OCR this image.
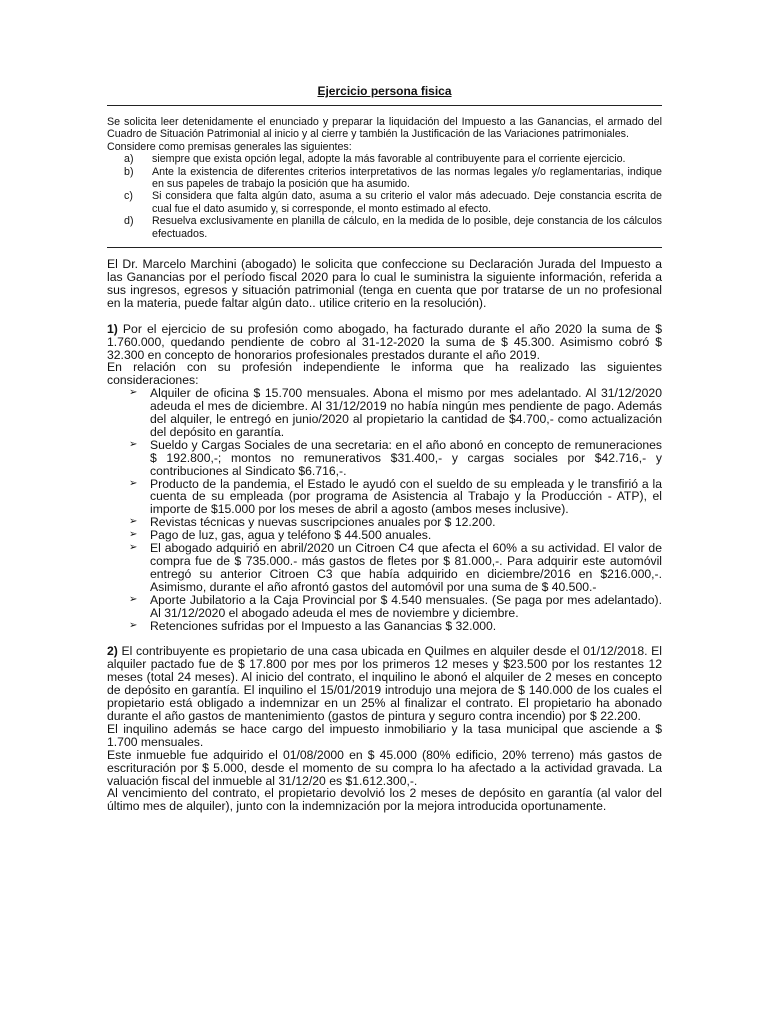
Ejercicio persona fisica

Se solicita leer detenidamente el enunciado y preparar la liquidación del Impuesto a las Ganancias, el armado del Cuadro de Situación Patrimonial al inicio y al cierre y también la Justificación de las Variaciones patrimoniales.

Considere como premisas generales las siguientes:

a)	siempre que exista opción legal, adopte la más favorable al contribuyente para el corriente ejercicio.
b)	Ante la existencia de diferentes criterios interpretativos de las normas legales y/o reglamentarias, indique en sus papeles de trabajo la posición que ha asumido.
c)	Si considera que falta algún dato, asuma a su criterio el valor más adecuado. Deje constancia escrita de cual fue el dato asumido y, si corresponde, el monto estimado al efecto.
d)	Resuelva exclusivamente en planilla de cálculo, en la medida de lo posible, deje constancia de los cálculos efectuados.

El Dr. Marcelo Marchini (abogado) le solicita que confeccione su Declaración Jurada del Impuesto a las Ganancias por el período fiscal 2020 para lo cual le suministra la siguiente información, referida a sus ingresos, egresos y situación patrimonial (tenga en cuenta que por tratarse de un no profesional en la materia, puede faltar algún dato.. utilice criterio en la resolución).

1) Por el ejercicio de su profesión como abogado, ha facturado durante el año 2020 la suma de $ 1.760.000, quedando pendiente de cobro al 31-12-2020 la suma de $ 45.300. Asimismo cobró $ 32.300 en concepto de honorarios profesionales prestados durante el año 2019.

En relación con su profesión independiente le informa que ha realizado las siguientes consideraciones:

➢	Alquiler de oficina $ 15.700 mensuales. Abona el mismo por mes adelantado. Al 31/12/2020 adeuda el mes de diciembre. Al 31/12/2019 no había ningún mes pendiente de pago. Además del alquiler, le entregó en junio/2020 al propietario la cantidad de $4.700,- como actualización del depósito en garantía.
➢	Sueldo y Cargas Sociales de una secretaria: en el año abonó en concepto de remuneraciones $ 192.800,-; montos no remunerativos $31.400,- y cargas sociales por $42.716,- y contribuciones al Sindicato $6.716,-.
➢	Producto de la pandemia, el Estado le ayudó con el sueldo de su empleada y le transfirió a la cuenta de su empleada (por programa de Asistencia al Trabajo y la Producción - ATP), el importe de $15.000 por los meses de abril a agosto (ambos meses inclusive).
➢	Revistas técnicas y nuevas suscripciones anuales por $ 12.200.
➢	Pago de luz, gas, agua y teléfono $ 44.500 anuales.
➢	El abogado adquirió en abril/2020 un Citroen C4 que afecta el 60% a su actividad. El valor de compra fue de $ 735.000.- más gastos de fletes por $ 81.000,-. Para adquirir este automóvil entregó su anterior Citroen C3 que había adquirido en diciembre/2016 en $216.000,-. Asimismo, durante el año afrontó gastos del automóvil por una suma de $ 40.500.-
➢	Aporte Jubilatorio a la Caja Provincial por $ 4.540 mensuales. (Se paga por mes adelantado). Al 31/12/2020 el abogado adeuda el mes de noviembre y diciembre.
➢	Retenciones sufridas por el Impuesto a las Ganancias $ 32.000.

2) El contribuyente es propietario de una casa ubicada en Quilmes en alquiler desde el 01/12/2018. El alquiler pactado fue de $ 17.800 por mes por los primeros 12 meses y $23.500 por los restantes 12 meses (total 24 meses). Al inicio del contrato, el inquilino le abonó el alquiler de 2 meses en concepto de depósito en garantía. El inquilino el 15/01/2019 introdujo una mejora de $ 140.000 de los cuales el propietario está obligado a indemnizar en un 25% al finalizar el contrato. El propietario ha abonado durante el año gastos de mantenimiento (gastos de pintura y seguro contra incendio) por $ 22.200.

El inquilino además se hace cargo del impuesto inmobiliario y la tasa municipal que asciende a $ 1.700 mensuales.

Este inmueble fue adquirido el 01/08/2000 en $ 45.000 (80% edificio, 20% terreno) más gastos de escrituración por $ 5.000, desde el momento de su compra lo ha afectado a la actividad gravada. La valuación fiscal del inmueble al 31/12/20 es $1.612.300,-.

Al vencimiento del contrato, el propietario devolvió los 2 meses de depósito en garantía (al valor del último mes de alquiler), junto con la indemnización por la mejora introducida oportunamente.
